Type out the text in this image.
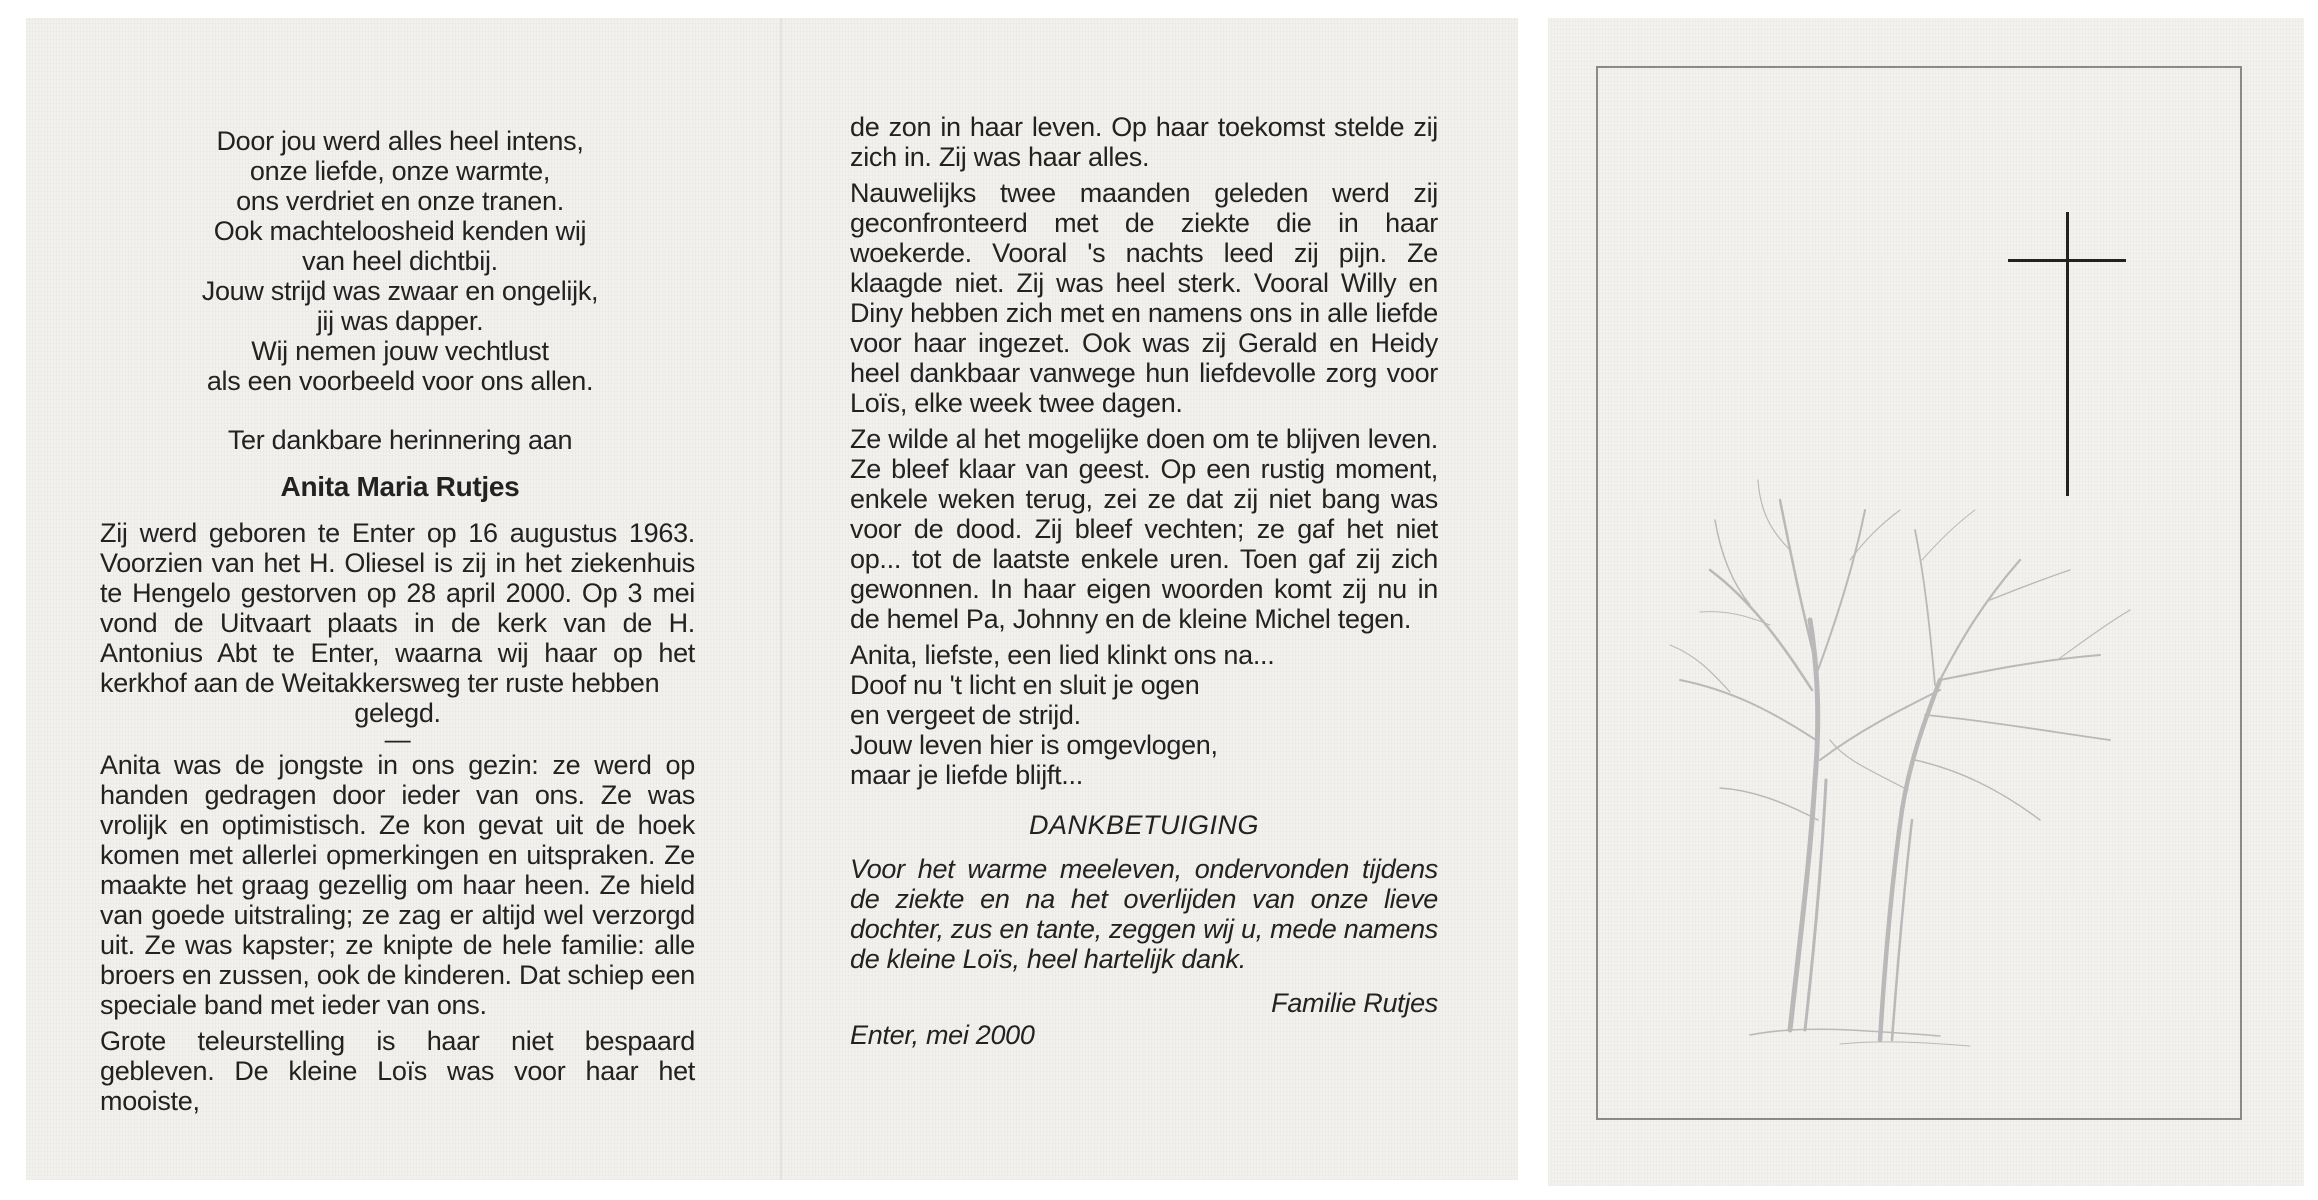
Door jou werd alles heel intens,
onze liefde, onze warmte,
ons verdriet en onze tranen.
Ook machteloosheid kenden wij
van heel dichtbij.
Jouw strijd was zwaar en ongelijk,
jij was dapper.
Wij nemen jouw vechtlust
als een voorbeeld voor ons allen.
Ter dankbare herinnering aan
Anita Maria Rutjes

Zij werd geboren te Enter op 16 augustus 1963. Voorzien van het H. Oliesel is zij in het ziekenhuis te Hengelo gestorven op 28 april 2000. Op 3 mei vond de Uitvaart plaats in de kerk van de H. Antonius Abt te Enter, waarna wij haar op het kerkhof aan de Weitakkersweg ter ruste hebben

gelegd.
—

Anita was de jongste in ons gezin: ze werd op handen gedragen door ieder van ons. Ze was vrolijk en optimistisch. Ze kon gevat uit de hoek komen met allerlei opmerkingen en uitspraken. Ze maakte het graag gezellig om haar heen. Ze hield van goede uitstraling; ze zag er altijd wel verzorgd uit. Ze was kapster; ze knipte de hele familie: alle broers en zussen, ook de kinderen. Dat schiep een speciale band met ieder van ons.

Grote teleurstelling is haar niet bespaard gebleven. De kleine Loïs was voor haar het mooiste,

de zon in haar leven. Op haar toekomst stelde zij zich in. Zij was haar alles.

Nauwelijks twee maanden geleden werd zij geconfronteerd met de ziekte die in haar woekerde. Vooral 's nachts leed zij pijn. Ze klaagde niet. Zij was heel sterk. Vooral Willy en Diny hebben zich met en namens ons in alle liefde voor haar ingezet. Ook was zij Gerald en Heidy heel dankbaar vanwege hun liefdevolle zorg voor Loïs, elke week twee dagen.

Ze wilde al het mogelijke doen om te blijven leven. Ze bleef klaar van geest. Op een rustig moment, enkele weken terug, zei ze dat zij niet bang was voor de dood. Zij bleef vechten; ze gaf het niet op... tot de laatste enkele uren. Toen gaf zij zich gewonnen. In haar eigen woorden komt zij nu in de hemel Pa, Johnny en de kleine Michel tegen.

Anita, liefste, een lied klinkt ons na...
Doof nu 't licht en sluit je ogen
en vergeet de strijd.
Jouw leven hier is omgevlogen,
maar je liefde blijft...
DANKBETUIGING

Voor het warme meeleven, ondervonden tijdens de ziekte en na het overlijden van onze lieve dochter, zus en tante, zeggen wij u, mede namens de kleine Loïs, heel hartelijk dank.

Familie Rutjes
Enter, mei 2000
